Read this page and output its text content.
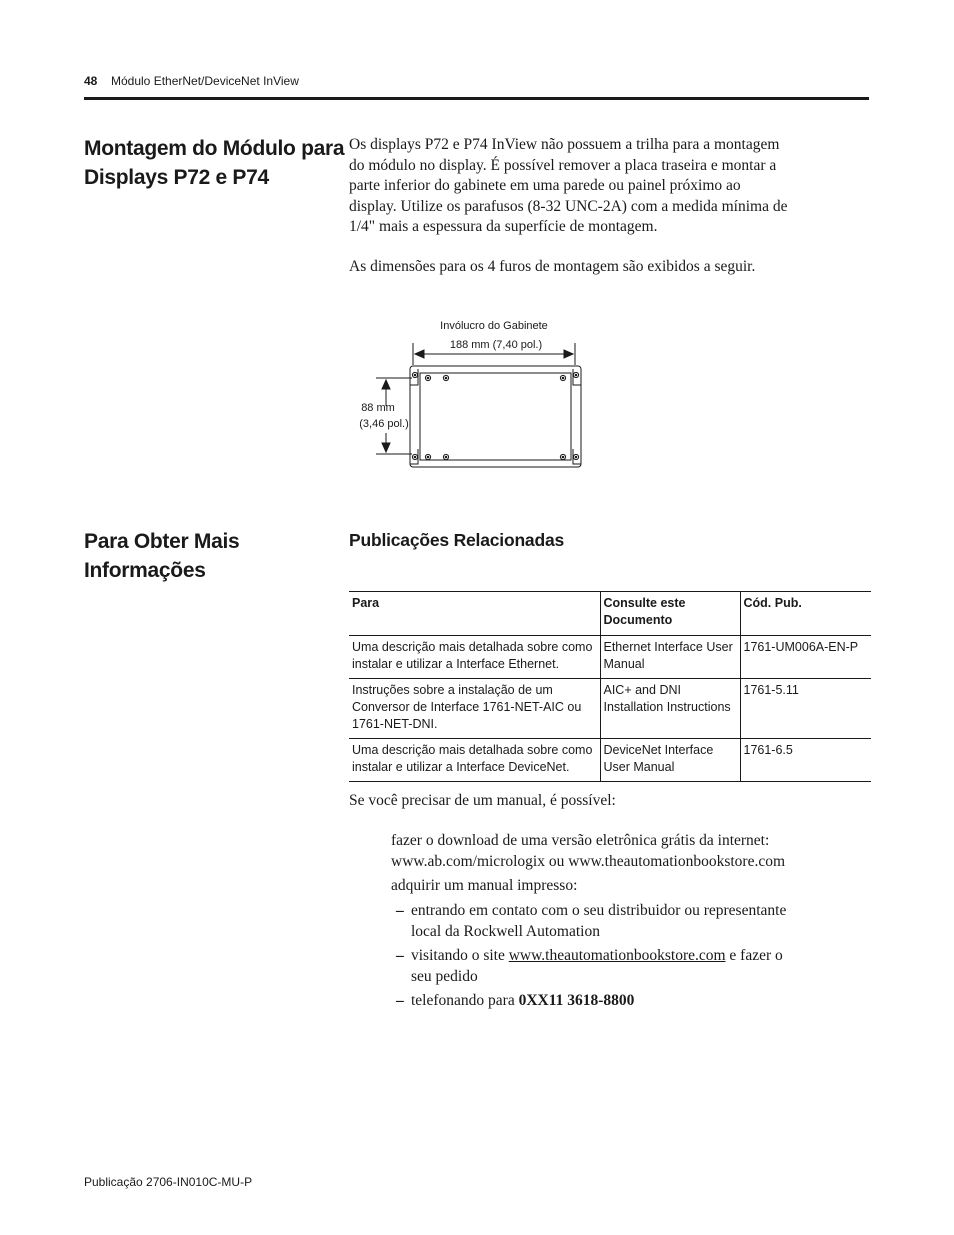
48 Módulo EtherNet/DeviceNet InView
Montagem do Módulo para
Displays P72 e P74
Os displays P72 e P74 InView não possuem a trilha para a montagem
do módulo no display. É possível remover a placa traseira e montar a
parte inferior do gabinete em uma parede ou painel próximo ao
display. Utilize os parafusos (8-32 UNC-2A) com a medida mínima de
1/4" mais a espessura da superfície de montagem.
As dimensões para os 4 furos de montagem são exibidos a seguir.
Invólucro do Gabinete
188 mm (7,40 pol.)
88 mm
(3,46 pol.)
Para Obter Mais
Informações
Publicações Relacionadas
Para	Consulte este Documento	Cód. Pub.
Uma descrição mais detalhada sobre como instalar e utilizar a Interface Ethernet.	Ethernet Interface User Manual	1761-UM006A-EN-P
Instruções sobre a instalação de um Conversor de Interface 1761-NET-AIC ou 1761-NET-DNI.	AIC+ and DNI Installation Instructions	1761-5.11
Uma descrição mais detalhada sobre como instalar e utilizar a Interface DeviceNet.	DeviceNet Interface User Manual	1761-6.5
Se você precisar de um manual, é possível:
fazer o download de uma versão eletrônica grátis da internet:
www.ab.com/micrologix ou www.theautomationbookstore.com
adquirir um manual impresso:
– entrando em contato com o seu distribuidor ou representante
local da Rockwell Automation
– visitando o site www.theautomationbookstore.com e fazer o
seu pedido
– telefonando para 0XX11 3618-8800
Publicação 2706-IN010C-MU-P
